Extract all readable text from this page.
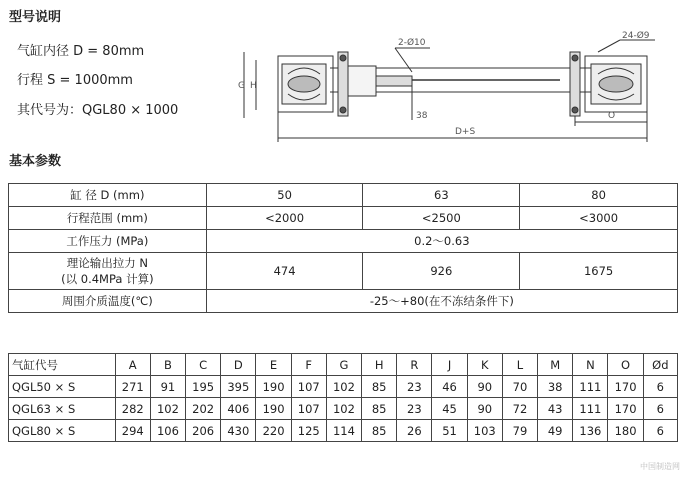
型号说明
气缸内径 D = 80mm
行程 S = 1000mm
其代号为：QGL80 × 1000
G H
2-Ø10
24-Ø9
38	O
D+S
基本参数
缸 径 D (mm)	50	63	80
行程范围 (mm)	<2000	<2500	<3000
工作压力 (MPa)	0.2～0.63		

理论输出拉力 N
(以 0.4MPa 计算)	474	926	1675
周围介质温度(℃)	-25～+80(在不冻结条件下)		
气缸代号	A	B	C	D	E	F	G	H	R	J	K	L	M	N	O	Ød
QGL50 × S	271	91	195	395	190	107	102	85	23	46	90	70	38	111	170	6
QGL63 × S	282	102	202	406	190	107	102	85	23	45	90	72	43	111	170	6
QGL80 × S	294	106	206	430	220	125	114	85	26	51	103	79	49	136	180	6
中国制造网
